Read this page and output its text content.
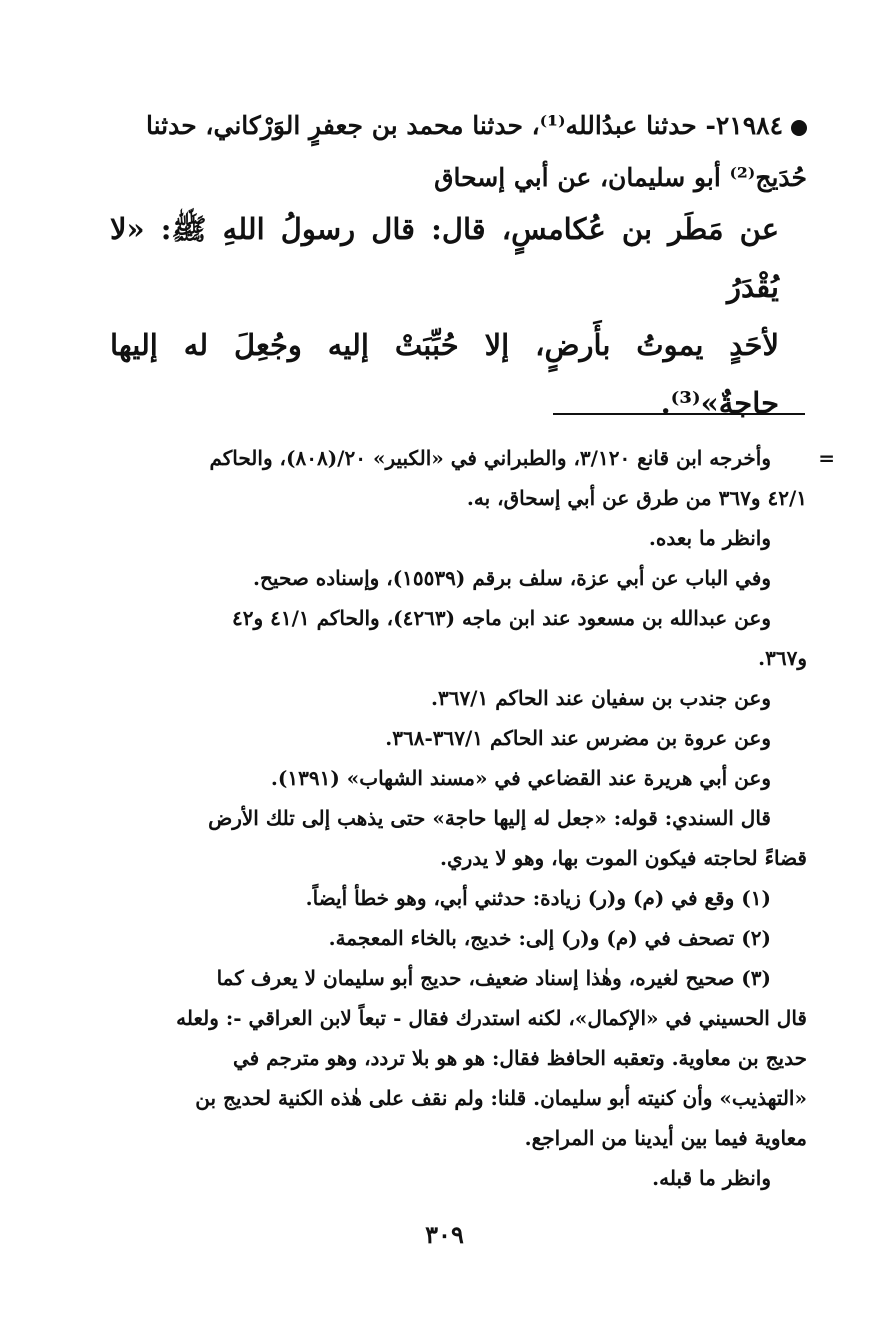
٢١٩٨٤- حدثنا عبدُالله⁽¹⁾، حدثنا محمد بن جعفرٍ الوَرْكاني، حدثنا
حُدَيج⁽²⁾ أبو سليمان، عن أبي إسحاق
عن مَطَر بن عُكامسٍ، قال: قال رسولُ اللهِ ﷺ: «لا يُقْدَرُ
لأحَدٍ يموتُ بأَرضٍ، إلا حُبِّبَتْ إليه وجُعِلَ له إليها حاجةٌ»⁽³⁾.
=
وأخرجه ابن قانع ٣/١٢٠، والطبراني في «الكبير» ٢٠/(٨٠٨)، والحاكم
٤٢/١ و٣٦٧ من طرق عن أبي إسحاق، به.
وانظر ما بعده.
وفي الباب عن أبي عزة، سلف برقم (١٥٥٣٩)، وإسناده صحيح.
وعن عبدالله بن مسعود عند ابن ماجه (٤٢٦٣)، والحاكم ٤١/١ و٤٢
و٣٦٧.
وعن جندب بن سفيان عند الحاكم ٣٦٧/١.
وعن عروة بن مضرس عند الحاكم ٣٦٧/١-٣٦٨.
وعن أبي هريرة عند القضاعي في «مسند الشهاب» (١٣٩١).
قال السندي: قوله: «جعل له إليها حاجة» حتى يذهب إلى تلك الأرض
قضاءً لحاجته فيكون الموت بها، وهو لا يدري.
(١) وقع في (م) و(ر) زيادة: حدثني أبي، وهو خطأ أيضاً.
(٢) تصحف في (م) و(ر) إلى: خديج، بالخاء المعجمة.
(٣) صحيح لغيره، وهٰذا إسناد ضعيف، حديج أبو سليمان لا يعرف كما
قال الحسيني في «الإكمال»، لكنه استدرك فقال - تبعاً لابن العراقي -: ولعله
حديج بن معاوية. وتعقبه الحافظ فقال: هو هو بلا تردد، وهو مترجم في
«التهذيب» وأن كنيته أبو سليمان. قلنا: ولم نقف على هٰذه الكنية لحديج بن
معاوية فيما بين أيدينا من المراجع.
وانظر ما قبله.
٣٠٩
